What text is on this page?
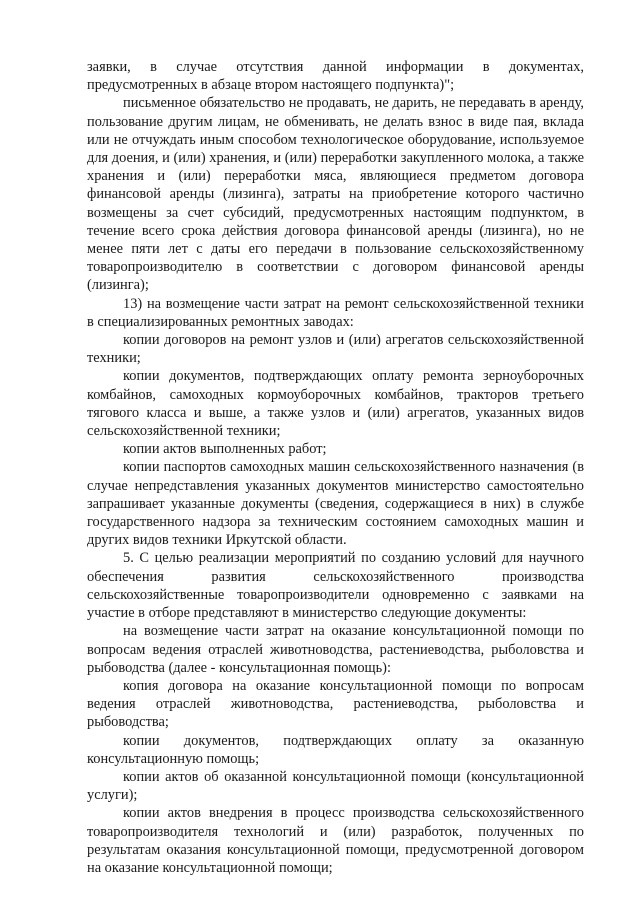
заявки, в случае отсутствия данной информации в документах, предусмотренных в абзаце втором настоящего подпункта)";

письменное обязательство не продавать, не дарить, не передавать в аренду, пользование другим лицам, не обменивать, не делать взнос в виде пая, вклада или не отчуждать иным способом технологическое оборудование, используемое для доения, и (или) хранения, и (или) переработки закупленного молока, а также хранения и (или) переработки мяса, являющиеся предметом договора финансовой аренды (лизинга), затраты на приобретение которого частично возмещены за счет субсидий, предусмотренных настоящим подпунктом, в течение всего срока действия договора финансовой аренды (лизинга), но не менее пяти лет с даты его передачи в пользование сельскохозяйственному товаропроизводителю в соответствии с договором финансовой аренды (лизинга);

13) на возмещение части затрат на ремонт сельскохозяйственной техники в специализированных ремонтных заводах:

копии договоров на ремонт узлов и (или) агрегатов сельскохозяйственной техники;

копии документов, подтверждающих оплату ремонта зерноуборочных комбайнов, самоходных кормоуборочных комбайнов, тракторов третьего тягового класса и выше, а также узлов и (или) агрегатов, указанных видов сельскохозяйственной техники;

копии актов выполненных работ;

копии паспортов самоходных машин сельскохозяйственного назначения (в случае непредставления указанных документов министерство самостоятельно запрашивает указанные документы (сведения, содержащиеся в них) в службе государственного надзора за техническим состоянием самоходных машин и других видов техники Иркутской области.

5. С целью реализации мероприятий по созданию условий для научного обеспечения развития сельскохозяйственного производства сельскохозяйственные товаропроизводители одновременно с заявками на участие в отборе представляют в министерство следующие документы:

на возмещение части затрат на оказание консультационной помощи по вопросам ведения отраслей животноводства, растениеводства, рыболовства и рыбоводства (далее - консультационная помощь):

копия договора на оказание консультационной помощи по вопросам ведения отраслей животноводства, растениеводства, рыболовства и рыбоводства;

копии документов, подтверждающих оплату за оказанную консультационную помощь;

копии актов об оказанной консультационной помощи (консультационной услуги);

копии актов внедрения в процесс производства сельскохозяйственного товаропроизводителя технологий и (или) разработок, полученных по результатам оказания консультационной помощи, предусмотренной договором на оказание консультационной помощи;
